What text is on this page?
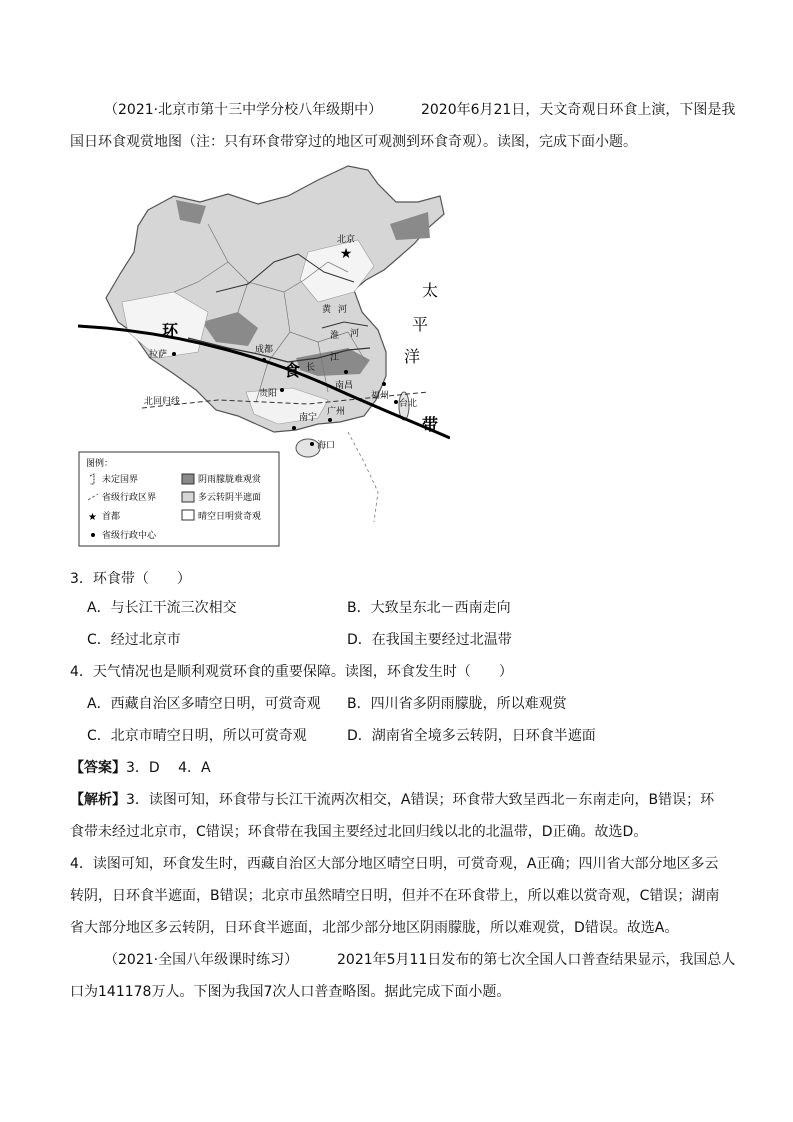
（2021·北京市第十三中学分校八年级期中）	2020年6月21日，天文奇观日环食上演，下图是我
国日环食观赏地图（注：只有环食带穿过的地区可观测到环食奇观）。读图，完成下面小题。
★
北京
成都
拉萨
南昌
福州
贵阳
台北
南宁
广州
海口
黄 河
淮 河
长
江
太
平
洋
北回归线
环
食
带
图例：
未定国界
省级行政区界
★ 首都
省级行政中心
阴雨朦胧难观赏
多云转阴半遮面
晴空日明赏奇观
3．环食带（　　）
A．与长江干流三次相交	B．大致呈东北－西南走向
C．经过北京市	D．在我国主要经过北温带
4．天气情况也是顺利观赏环食的重要保障。读图，环食发生时（　　）
A．西藏自治区多晴空日明，可赏奇观 B．四川省多阴雨朦胧，所以难观赏
C．北京市晴空日明，所以可赏奇观	D．湖南省全境多云转阴，日环食半遮面
【答案】3．D　 4．A
【解析】3．读图可知，环食带与长江干流两次相交，A错误；环食带大致呈西北－东南走向，B错误；环
食带未经过北京市，C错误；环食带在我国主要经过北回归线以北的北温带，D正确。故选D。
4．读图可知，环食发生时，西藏自治区大部分地区晴空日明，可赏奇观，A正确；四川省大部分地区多云
转阴，日环食半遮面，B错误；北京市虽然晴空日明，但并不在环食带上，所以难以赏奇观，C错误；湖南
省大部分地区多云转阴，日环食半遮面，北部少部分地区阴雨朦胧，所以难观赏，D错误。故选A。
（2021·全国八年级课时练习）	2021年5月11日发布的第七次全国人口普查结果显示，我国总人
口为141178万人。下图为我国7次人口普查略图。据此完成下面小题。
